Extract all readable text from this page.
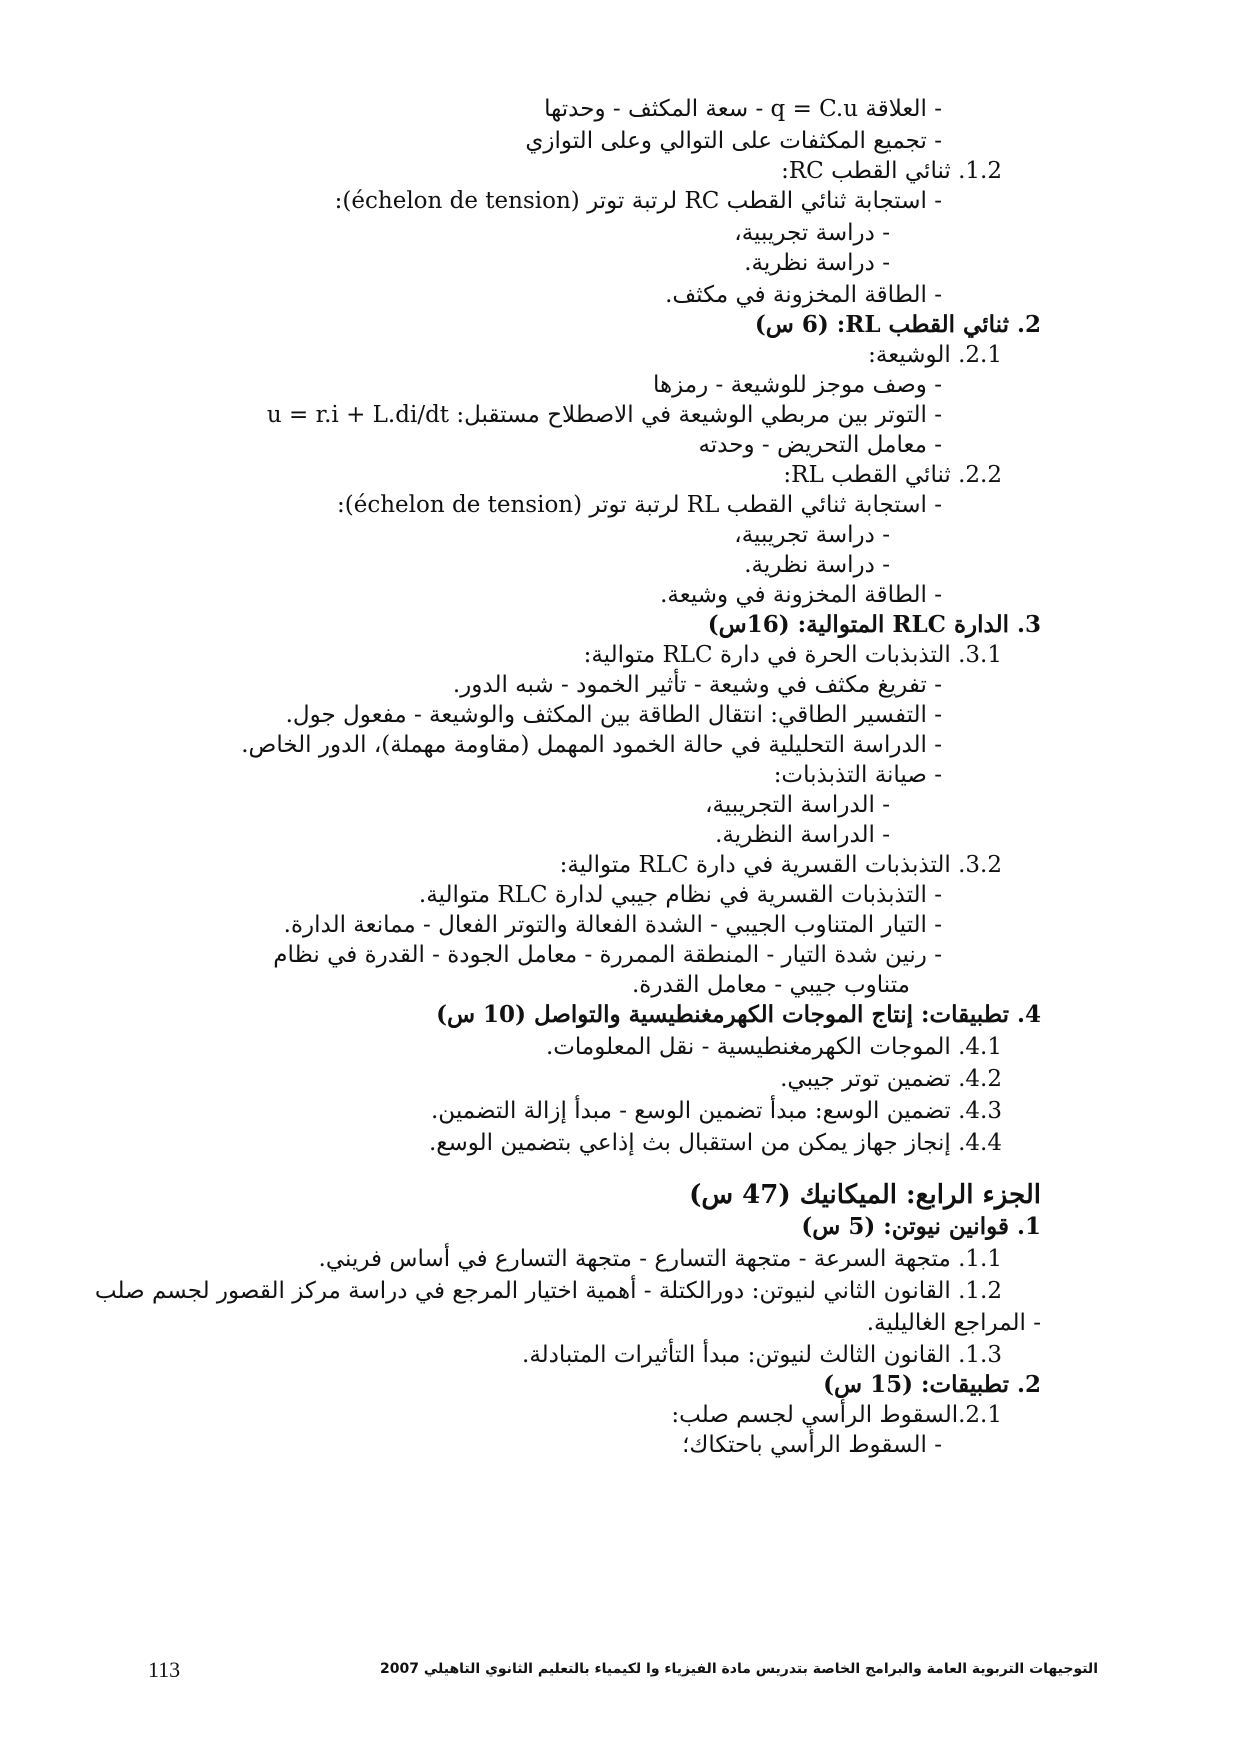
- العلاقة q = C.u - سعة المكثف - وحدتها
- تجميع المكثفات على التوالي وعلى التوازي
1.2. ثنائي القطب RC:
- استجابة ثنائي القطب RC لرتبة توتر (échelon de tension):
- دراسة تجريبية،
- دراسة نظرية.
- الطاقة المخزونة في مكثف.
2. ثنائي القطب RL: (6 س)
2.1. الوشيعة:
- وصف موجز للوشيعة - رمزها
- التوتر بين مربطي الوشيعة في الاصطلاح مستقبل: u = r.i + L.di/dt
- معامل التحريض - وحدته
2.2. ثنائي القطب RL:
- استجابة ثنائي القطب RL لرتبة توتر (échelon de tension):
- دراسة تجريبية،
- دراسة نظرية.
- الطاقة المخزونة في وشيعة.
3. الدارة RLC المتوالية: (16س)
3.1. التذبذبات الحرة في دارة RLC متوالية:
- تفريغ مكثف في وشيعة - تأثير الخمود - شبه الدور.
- التفسير الطاقي: انتقال الطاقة بين المكثف والوشيعة - مفعول جول.
- الدراسة التحليلية في حالة الخمود المهمل (مقاومة مهملة)، الدور الخاص.
- صيانة التذبذبات:
- الدراسة التجريبية،
- الدراسة النظرية.
3.2. التذبذبات القسرية في دارة RLC متوالية:
- التذبذبات القسرية في نظام جيبي لدارة RLC متوالية.
- التيار المتناوب الجيبي - الشدة الفعالة والتوتر الفعال - ممانعة الدارة.
- رنين شدة التيار - المنطقة الممررة - معامل الجودة - القدرة في نظام
متناوب جيبي - معامل القدرة.
4. تطبيقات: إنتاج الموجات الكهرمغنطيسية والتواصل (10 س)
4.1. الموجات الكهرمغنطيسية - نقل المعلومات.
4.2. تضمين توتر جيبي.
4.3. تضمين الوسع: مبدأ تضمين الوسع - مبدأ إزالة التضمين.
4.4. إنجاز جهاز يمكن من استقبال بث إذاعي بتضمين الوسع.
الجزء الرابع: الميكانيك (47 س)
1. قوانين نيوتن: (5 س)
1.1. متجهة السرعة - متجهة التسارع - متجهة التسارع في أساس فريني.
1.2. القانون الثاني لنيوتن: دورالكتلة - أهمية اختيار المرجع في دراسة مركز القصور لجسم صلب
- المراجع الغاليلية.
1.3. القانون الثالث لنيوتن: مبدأ التأثيرات المتبادلة.
2. تطبيقات: (15 س)
2.1.السقوط الرأسي لجسم صلب:
- السقوط الرأسي باحتكاك؛
113	التوجيهات التربوية العامة والبرامج الخاصة بتدريس مادة الفيزياء وا لكيمياء بالتعليم الثانوي التاهيلي 2007
